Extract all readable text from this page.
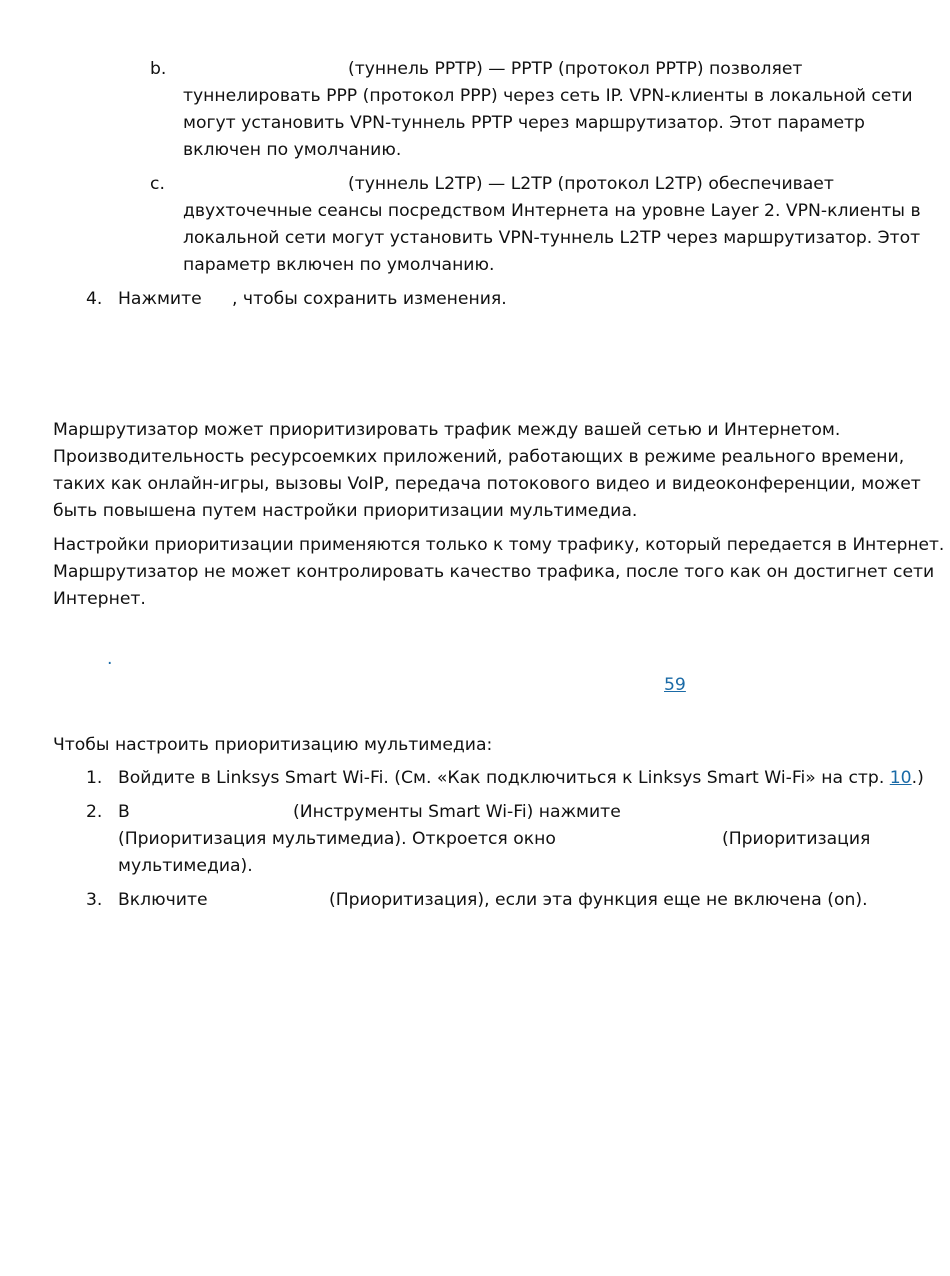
b.	(туннель PPTP) — PPTP (протокол PPTP) позволяет
туннелировать PPP (протокол PPP) через сеть IP. VPN-клиенты в локальной сети
могут установить VPN-туннель PPTP через маршрутизатор. Этот параметр
включен по умолчанию.
c.	(туннель L2TP) — L2TP (протокол L2TP) обеспечивает
двухточечные сеансы посредством Интернета на уровне Layer 2. VPN-клиенты в
локальной сети могут установить VPN-туннель L2TP через маршрутизатор. Этот
параметр включен по умолчанию.
4. Нажмите , чтобы сохранить изменения.
Маршрутизатор может приоритизировать трафик между вашей сетью и Интернетом.
Производительность ресурсоемких приложений, работающих в режиме реального времени,
таких как онлайн-игры, вызовы VoIP, передача потокового видео и видеоконференции, может
быть повышена путем настройки приоритизации мультимедиа.
Настройки приоритизации применяются только к тому трафику, который передается в Интернет.
Маршрутизатор не может контролировать качество трафика, после того как он достигнет сети
Интернет.
.
59
Чтобы настроить приоритизацию мультимедиа:
1. Войдите в Linksys Smart Wi-Fi. (См. «Как подключиться к Linksys Smart Wi-Fi» на стр. 10.)
2. В	(Инструменты Smart Wi-Fi) нажмите
(Приоритизация мультимедиа). Откроется окно	(Приоритизация
мультимедиа).
3. Включите	(Приоритизация), если эта функция еще не включена (on).
